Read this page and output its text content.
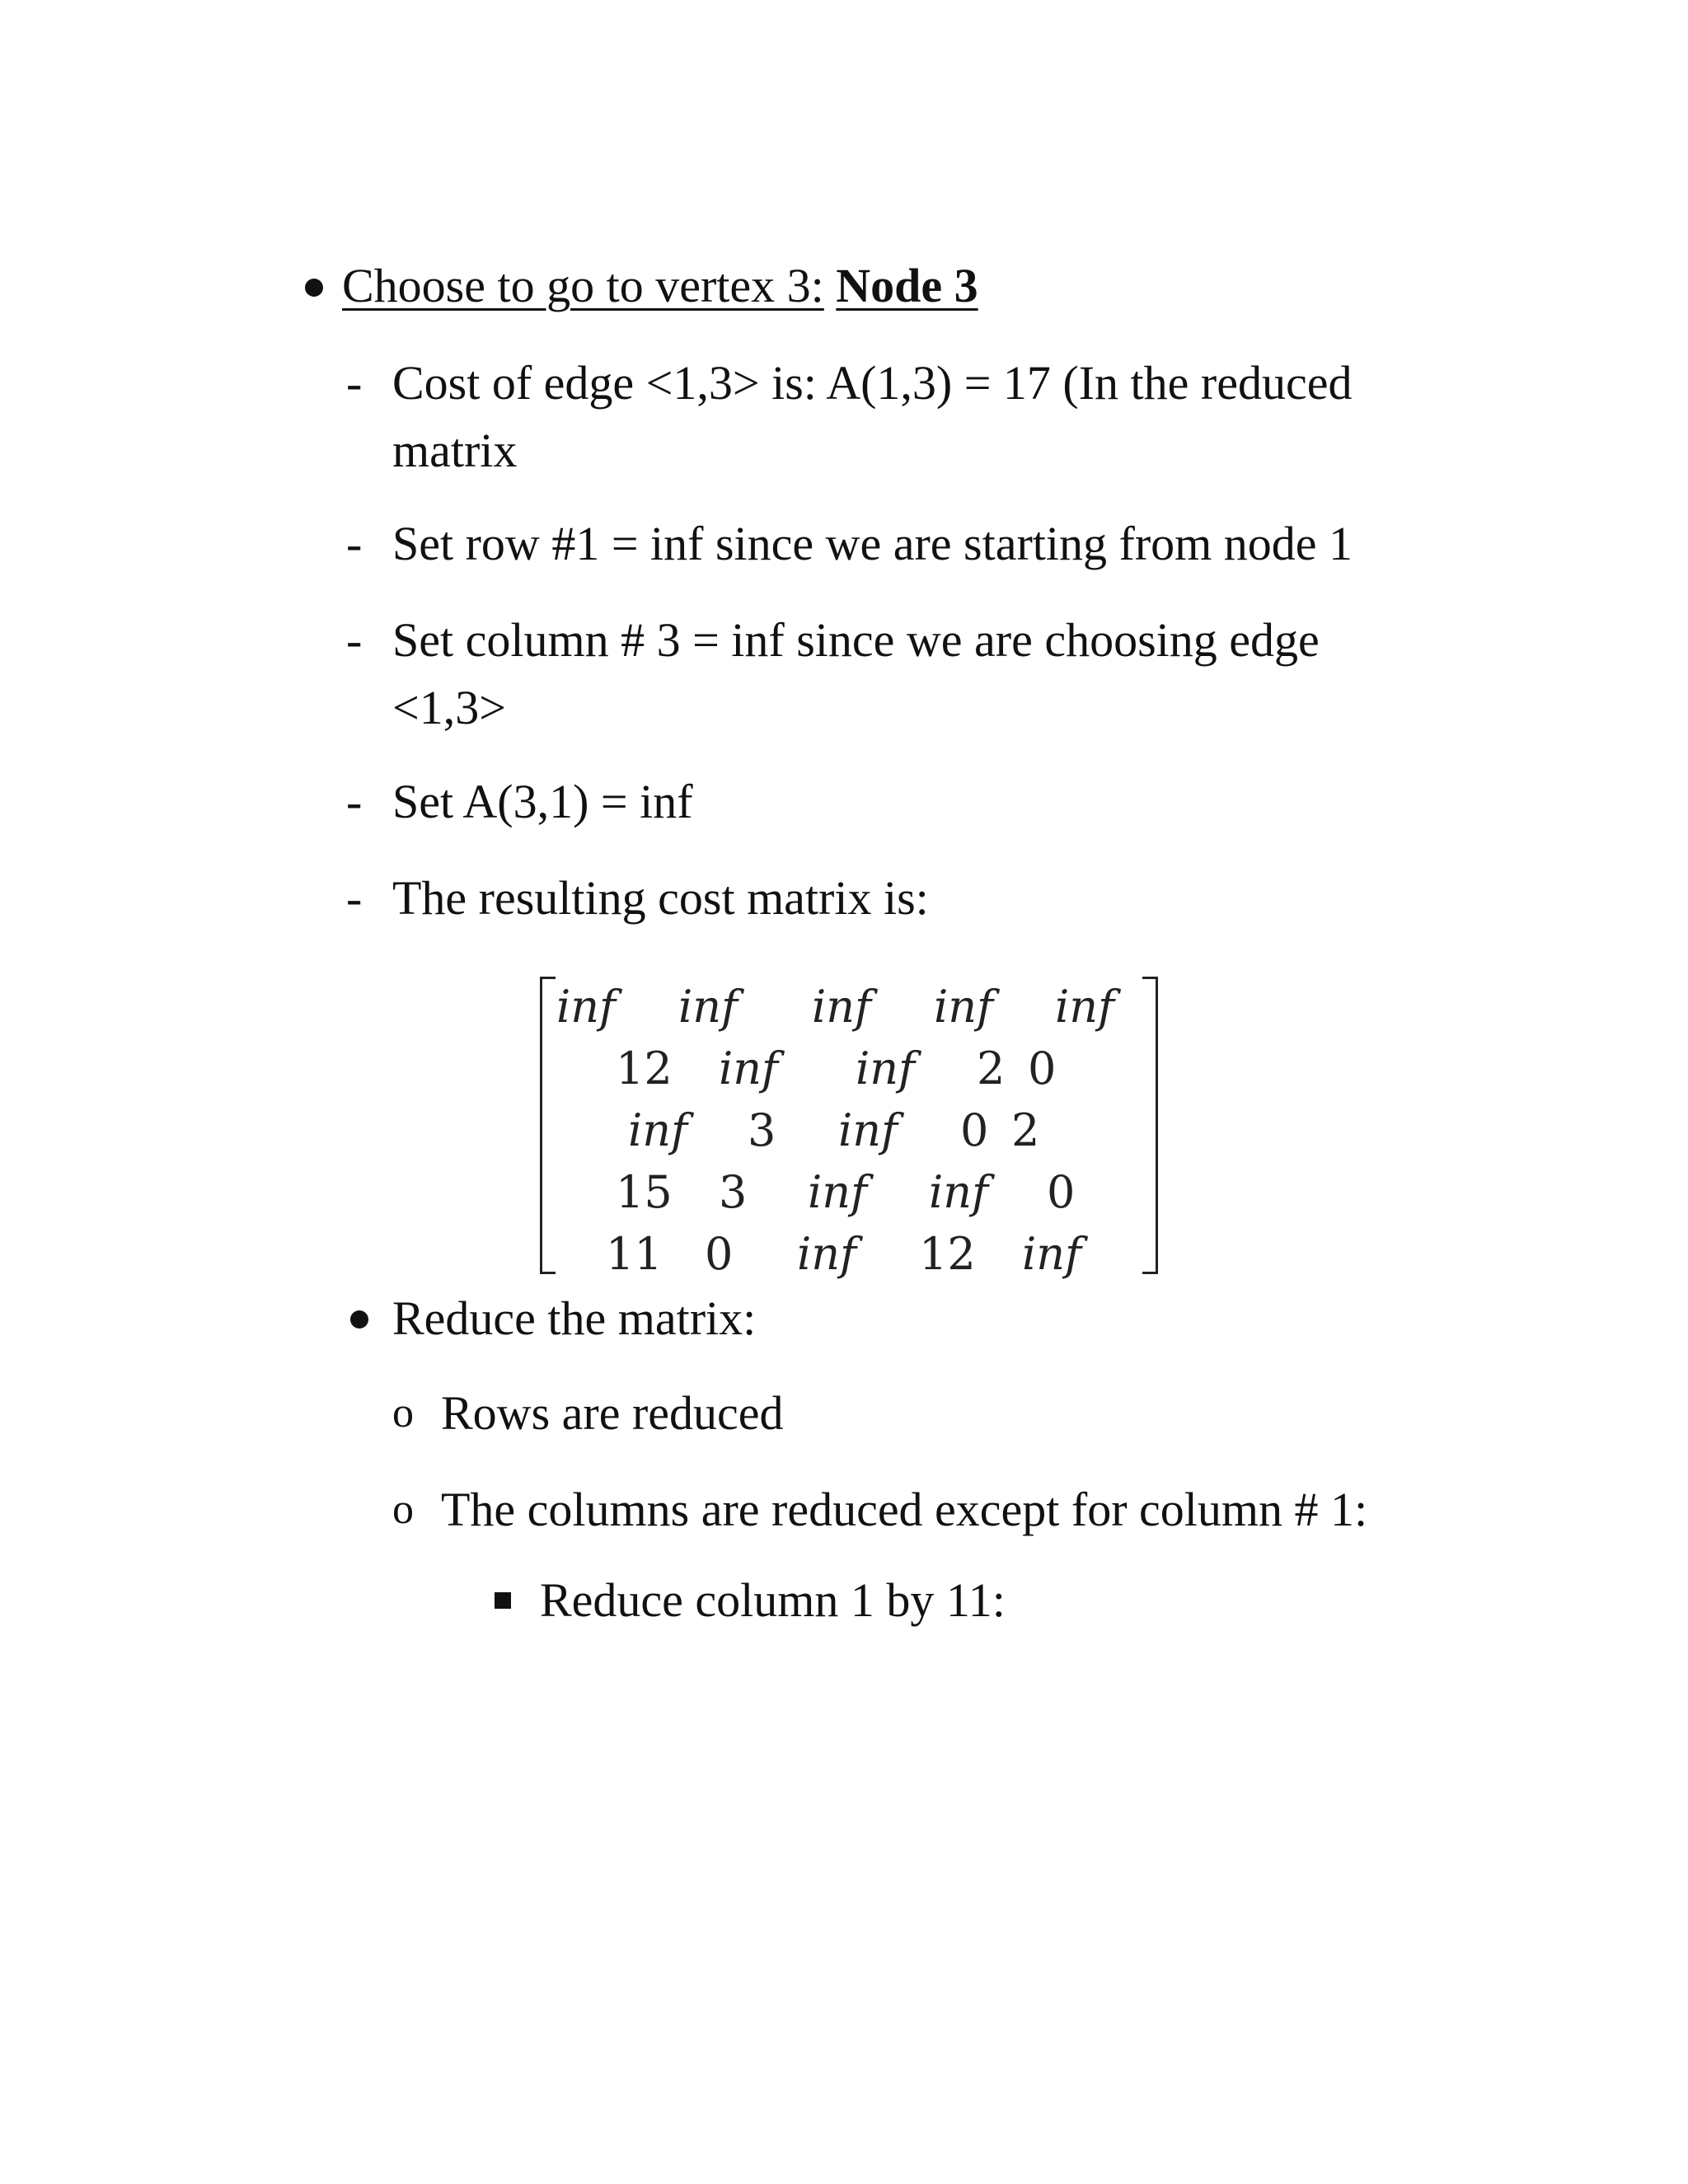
Choose to go to vertex 3: Node 3
- Cost of edge <1,3> is: A(1,3) = 17 (In the reduced
matrix
- Set row #1 = inf since we are starting from node 1
- Set column # 3 = inf since we are choosing edge
<1,3>
- Set A(3,1) = inf
- The resulting cost matrix is:
inf inf inf inf inf
12 inf inf 2 0
inf 3 inf 0 2
15 3 inf inf 0
11 0 inf 12 inf
Reduce the matrix:
o Rows are reduced
o The columns are reduced except for column # 1:
Reduce column 1 by 11:
